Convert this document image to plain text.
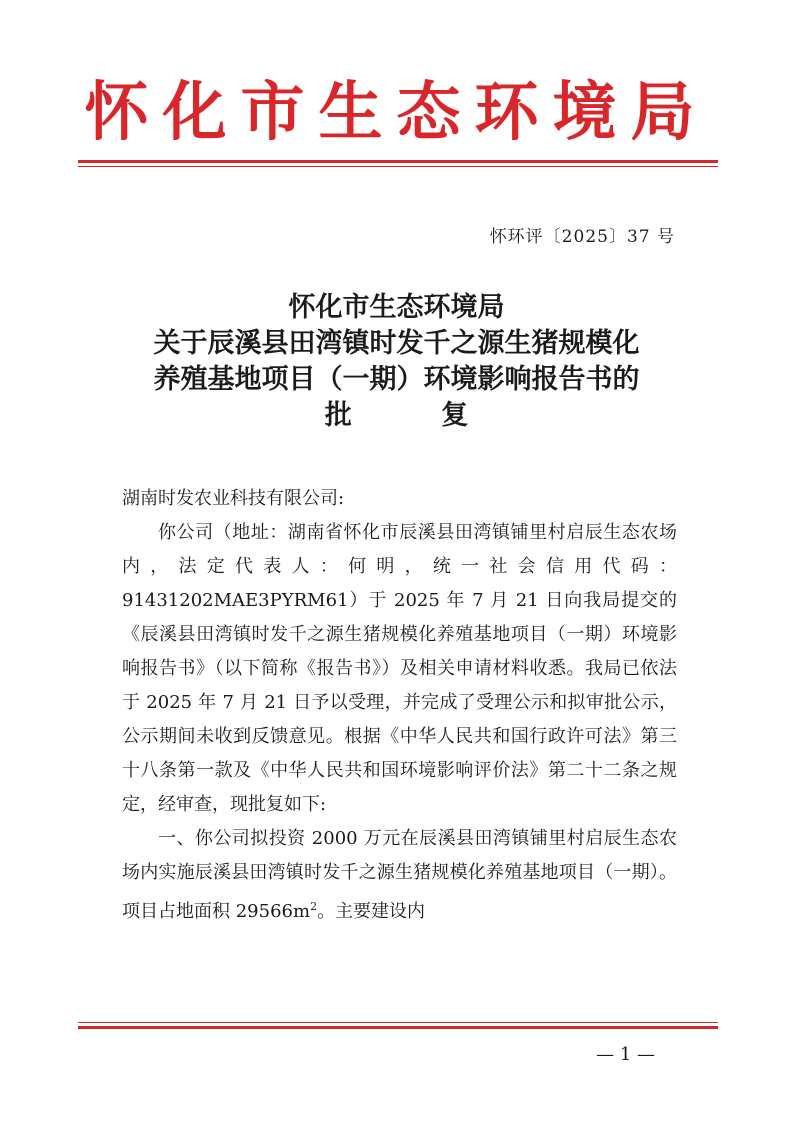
怀化市生态环境局
怀环评〔2025〕37 号
怀化市生态环境局
关于辰溪县田湾镇时发千之源生猪规模化
养殖基地项目（一期）环境影响报告书的
批 复

湖南时发农业科技有限公司:

你公司（地址：湖南省怀化市辰溪县田湾镇铺里村启辰生态农场内，法定代表人：何明，统一社会信用代码：91431202MAE3PYRM61）于 2025 年 7 月 21 日向我局提交的《辰溪县田湾镇时发千之源生猪规模化养殖基地项目（一期）环境影响报告书》（以下简称《报告书》）及相关申请材料收悉。我局已依法于 2025 年 7 月 21 日予以受理，并完成了受理公示和拟审批公示，公示期间未收到反馈意见。根据《中华人民共和国行政许可法》第三十八条第一款及《中华人民共和国环境影响评价法》第二十二条之规定，经审查，现批复如下:

一、你公司拟投资 2000 万元在辰溪县田湾镇铺里村启辰生态农场内实施辰溪县田湾镇时发千之源生猪规模化养殖基地项目（一期）。项目占地面积 $29566m^2$。主要建设内

— 1 —
